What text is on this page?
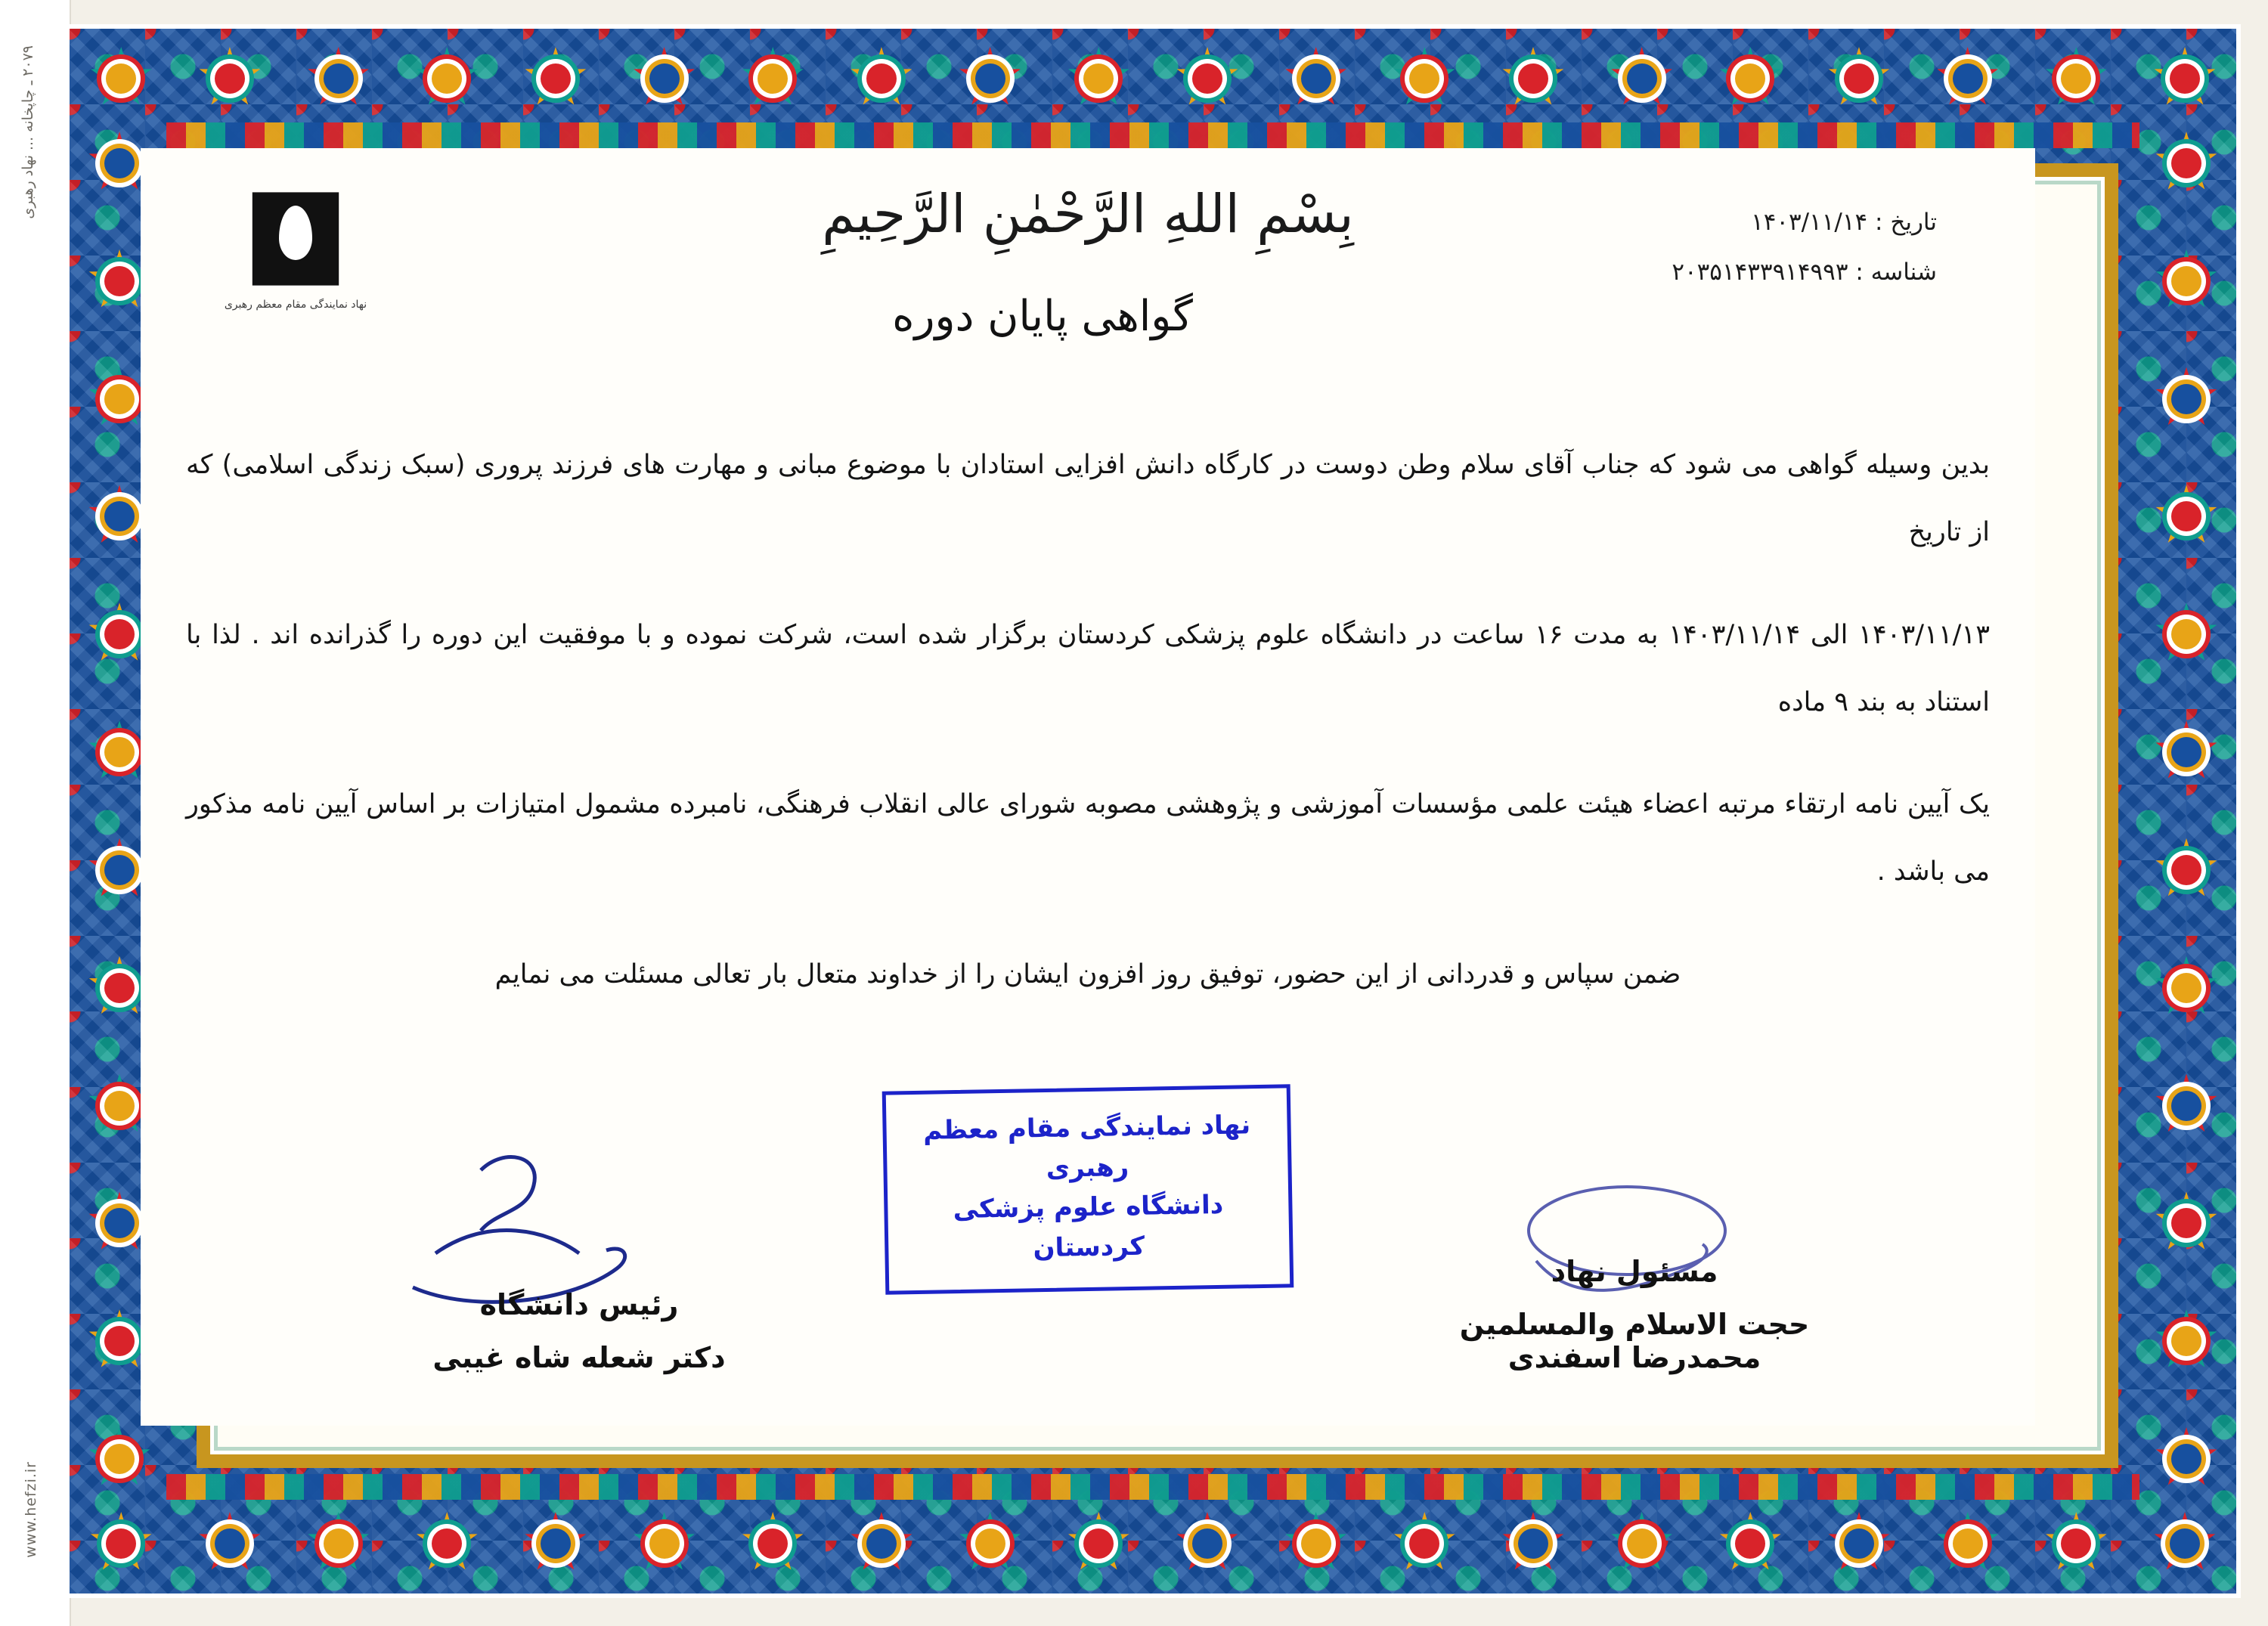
۲۰۷۹ ـ چاپخانه ... نهاد رهبری
www.hefzi.ir
بِسْمِ اللهِ الرَّحْمٰنِ الرَّحِيمِ	تاریخ : ۱۴۰۳/۱۱/۱۴
شناسه : ۲۰۳۵۱۴۳۳۹۱۴۹۹۳
نهاد نمایندگی مقام معظم رهبری	گواهی پایان دوره

بدین وسیله گواهی می شود که جناب آقای سلام وطن دوست در کارگاه دانش افزایی استادان با موضوع مبانی و مهارت های فرزند پروری (سبک زندگی اسلامی) که از تاریخ

۱۴۰۳/۱۱/۱۳ الی ۱۴۰۳/۱۱/۱۴ به مدت ۱۶ ساعت در دانشگاه علوم پزشکی کردستان برگزار شده است، شرکت نموده و با موفقیت این دوره را گذرانده اند . لذا با استناد به بند ۹ ماده

یک آیین نامه ارتقاء مرتبه اعضاء هیئت علمی مؤسسات آموزشی و پژوهشی مصوبه شورای عالی انقلاب فرهنگی، نامبرده مشمول امتیازات بر اساس آیین نامه مذکور می باشد .

ضمن سپاس و قدردانی از این حضور، توفیق روز افزون ایشان را از خداوند متعال بار تعالی مسئلت می نمایم

مسئول نهاد
حجت الاسلام والمسلمین محمدرضا اسفندی
نهاد نمایندگی مقام معظم رهبری
دانشگاه علوم پزشکی کردستان
رئیس دانشگاه
دکتر شعله شاه غیبی
